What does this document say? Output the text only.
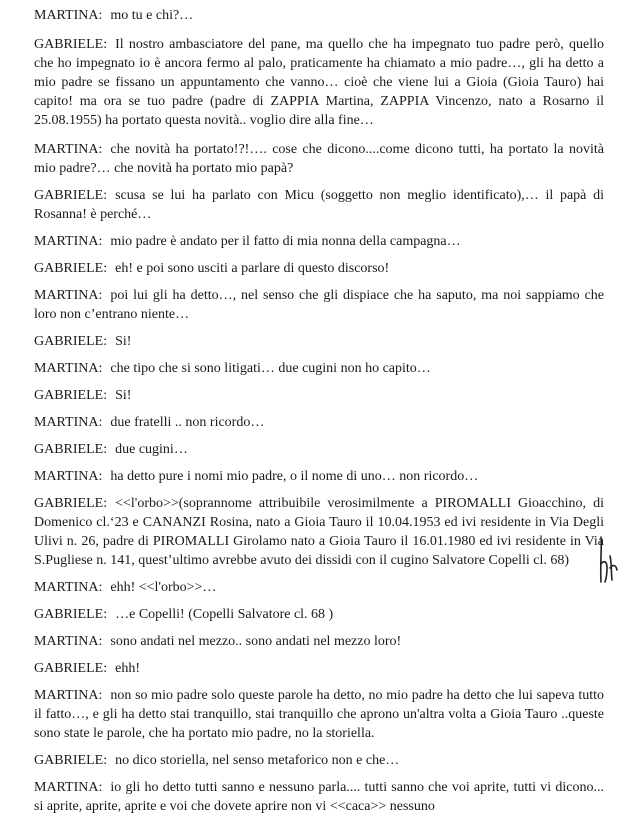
MARTINA: mo tu e chi?…

GABRIELE: Il nostro ambasciatore del pane, ma quello che ha impegnato tuo padre però, quello che ho impegnato io è ancora fermo al palo, praticamente ha chiamato a mio padre…, gli ha detto a mio padre se fissano un appuntamento che vanno… cioè che viene lui a Gioia (Gioia Tauro) hai capito! ma ora se tuo padre (padre di ZAPPIA Martina, ZAPPIA Vincenzo, nato a Rosarno il 25.08.1955) ha portato questa novità.. voglio dire alla fine…

MARTINA: che novità ha portato!?!…. cose che dicono....come dicono tutti, ha portato la novità mio padre?… che novità ha portato mio papà?

GABRIELE: scusa se lui ha parlato con Micu (soggetto non meglio identificato),… il papà di Rosanna! è perché…

MARTINA: mio padre è andato per il fatto di mia nonna della campagna…

GABRIELE: eh! e poi sono usciti a parlare di questo discorso!

MARTINA: poi lui gli ha detto…, nel senso che gli dispiace che ha saputo, ma noi sappiamo che loro non c’entrano niente…

GABRIELE: Si!

MARTINA: che tipo che si sono litigati… due cugini non ho capito…

GABRIELE: Si!

MARTINA: due fratelli .. non ricordo…

GABRIELE: due cugini…

MARTINA: ha detto pure i nomi mio padre, o il nome di uno… non ricordo…

GABRIELE: <<l'orbo>>(soprannome attribuibile verosimilmente a PIROMALLI Gioacchino, di Domenico cl.‘23 e CANANZI Rosina, nato a Gioia Tauro il 10.04.1953 ed ivi residente in Via Degli Ulivi n. 26, padre di PIROMALLI Girolamo nato a Gioia Tauro il 16.01.1980 ed ivi residente in Via S.Pugliese n. 141, quest’ultimo avrebbe avuto dei dissidi con il cugino Salvatore Copelli cl. 68)

MARTINA: ehh! <<l'orbo>>…

GABRIELE: …e Copelli! (Copelli Salvatore cl. 68 )

MARTINA: sono andati nel mezzo.. sono andati nel mezzo loro!

GABRIELE: ehh!

MARTINA: non so mio padre solo queste parole ha detto, no mio padre ha detto che lui sapeva tutto il fatto…, e gli ha detto stai tranquillo, stai tranquillo che aprono un'altra volta a Gioia Tauro ..queste sono state le parole, che ha portato mio padre, no la storiella.

GABRIELE: no dico storiella, nel senso metaforico non e che…

MARTINA: io gli ho detto tutti sanno e nessuno parla.... tutti sanno che voi aprite, tutti vi dicono... si aprite, aprite, aprite e voi che dovete aprire non vi <<caca>> nessuno
